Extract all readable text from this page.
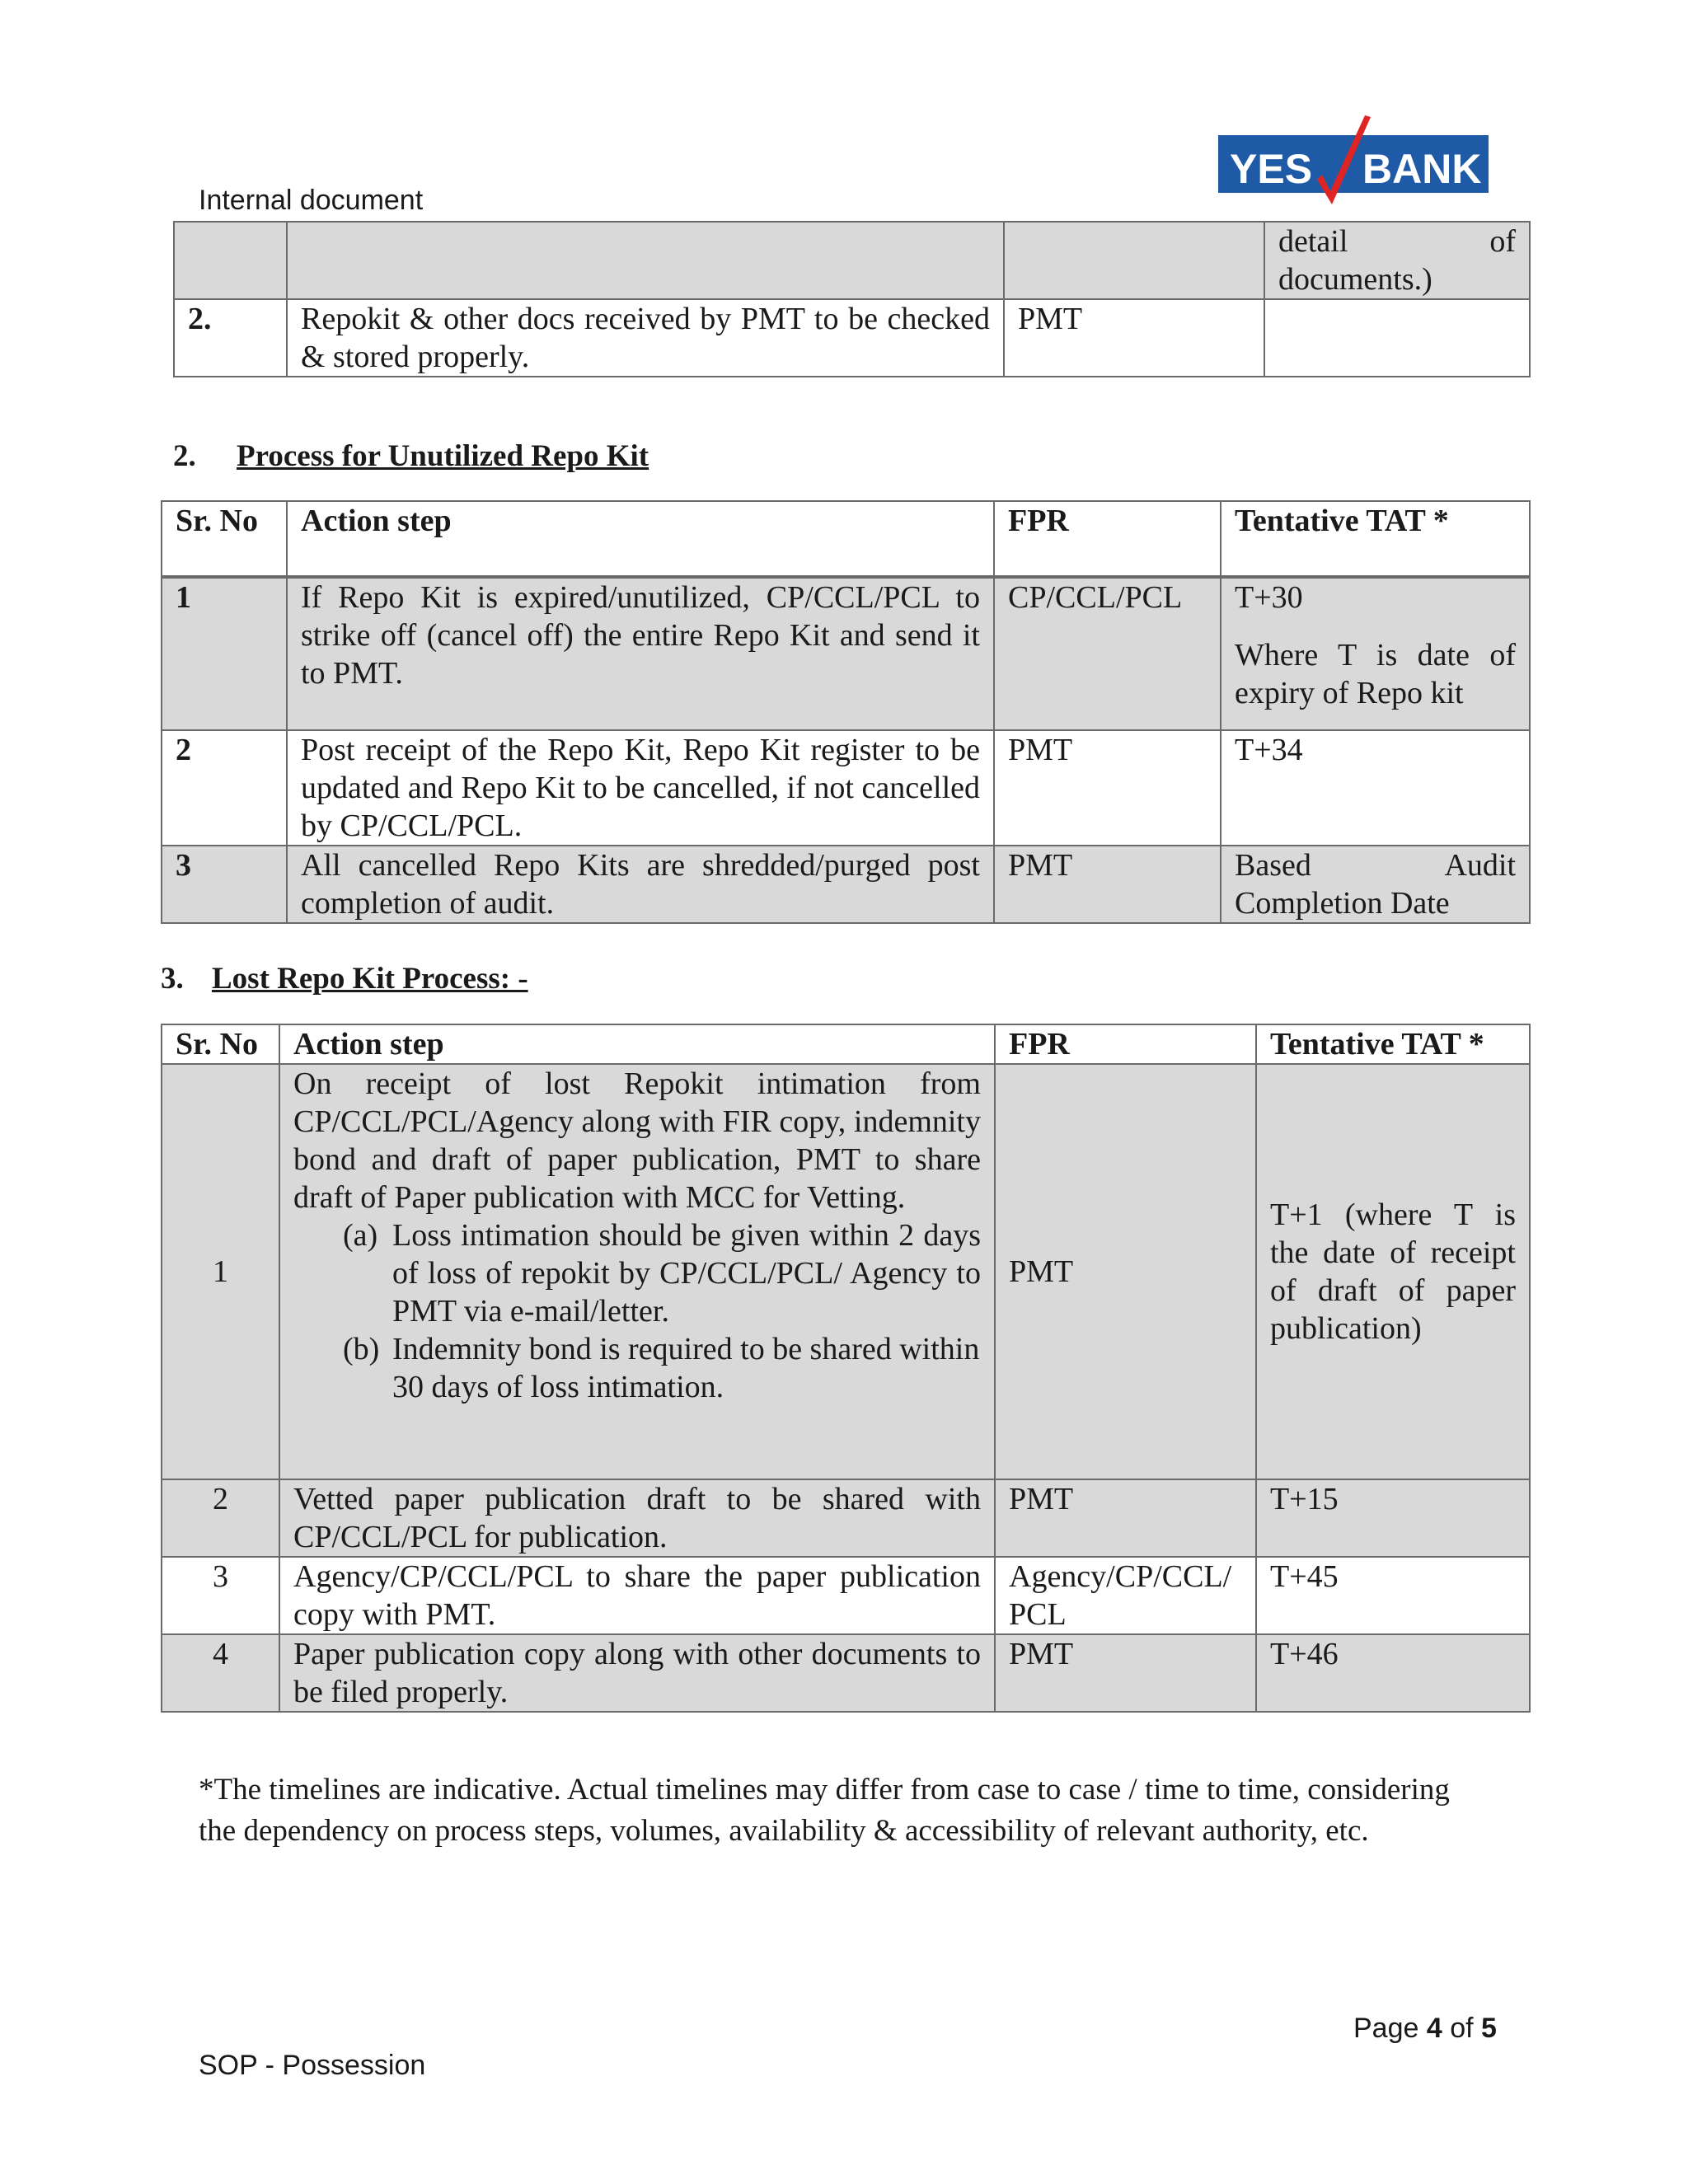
YES BANK
Internal document
			detail of documents.)
2.	Repokit & other docs received by PMT to be checked & stored properly.	PMT	
2. Process for Unutilized Repo Kit
Sr. No	Action step	FPR	Tentative TAT *
1	If Repo Kit is expired/unutilized, CP/CCL/PCL to strike off (cancel off) the entire Repo Kit and send it to PMT.	CP/CCL/PCL	T+30
Where T is date of expiry of Repo kit

2	Post receipt of the Repo Kit, Repo Kit register to be updated and Repo Kit to be cancelled, if not cancelled by CP/CCL/PCL.	PMT	T+34
3	All cancelled Repo Kits are shredded/purged post completion of audit.	PMT	Based Audit Completion Date
3. Lost Repo Kit Process: -
Sr. No	Action step	FPR	Tentative TAT *
1	On receipt of lost Repokit intimation from CP/CCL/PCL/Agency along with FIR copy, indemnity bond and draft of paper publication, PMT to share draft of Paper publication with MCC for Vetting.
(a) Loss intimation should be given within 2 days of loss of repokit by CP/CCL/PCL/ Agency to PMT via e-mail/letter.
(b) Indemnity bond is required to be shared within 30 days of loss intimation.	PMT	T+1 (where T is the date of receipt of draft of paper publication)
2	Vetted paper publication draft to be shared with CP/CCL/PCL for publication.	PMT	T+15
3	Agency/CP/CCL/PCL to share the paper publication copy with PMT.	Agency/CP/CCL/PCL	T+45
4	Paper publication copy along with other documents to be filed properly.	PMT	T+46
*The timelines are indicative. Actual timelines may differ from case to case / time to time, considering the dependency on process steps, volumes, availability & accessibility of relevant authority, etc.
Page 4 of 5
SOP - Possession
